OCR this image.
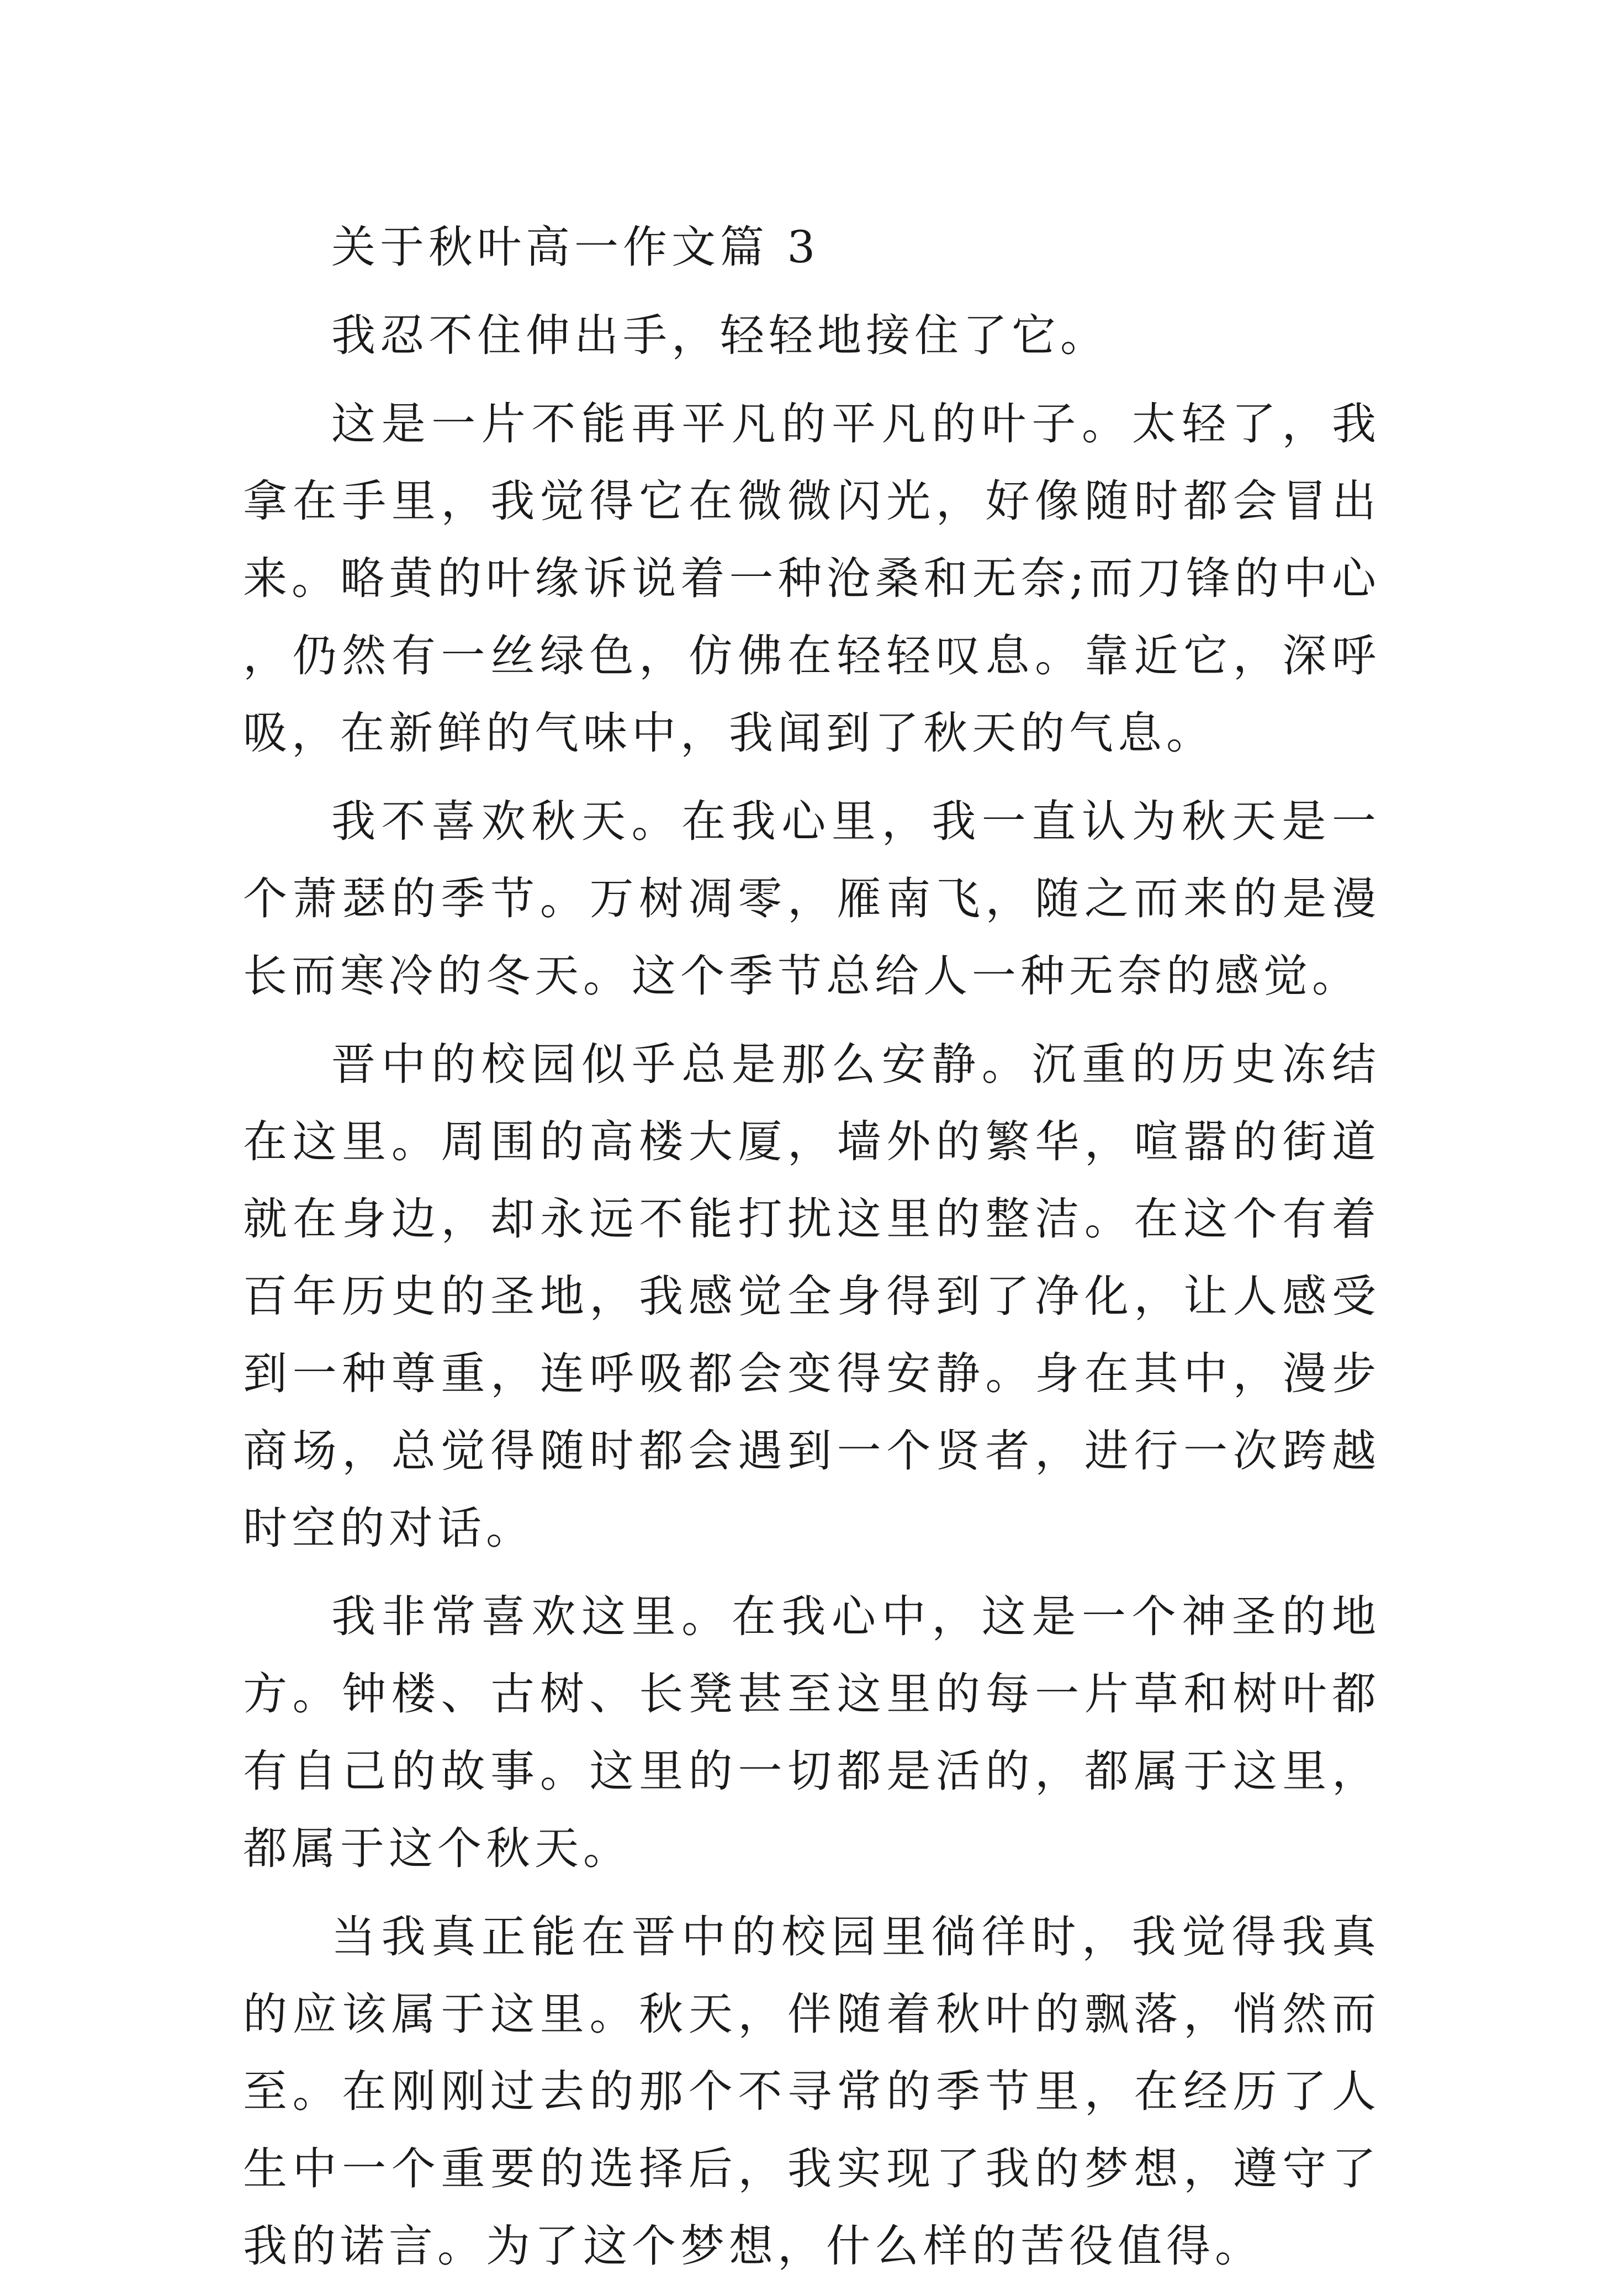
关于秋叶高一作文篇 3

我忍不住伸出手，轻轻地接住了它。

这是一片不能再平凡的平凡的叶子。太轻了，我拿在手里，我觉得它在微微闪光，好像随时都会冒出来。略黄的叶缘诉说着一种沧桑和无奈;而刀锋的中心，仍然有一丝绿色，仿佛在轻轻叹息。靠近它，深呼吸，在新鲜的气味中，我闻到了秋天的气息。

我不喜欢秋天。在我心里，我一直认为秋天是一个萧瑟的季节。万树凋零，雁南飞，随之而来的是漫长而寒冷的冬天。这个季节总给人一种无奈的感觉。

晋中的校园似乎总是那么安静。沉重的历史冻结在这里。周围的高楼大厦，墙外的繁华，喧嚣的街道就在身边，却永远不能打扰这里的整洁。在这个有着百年历史的圣地，我感觉全身得到了净化，让人感受到一种尊重，连呼吸都会变得安静。身在其中，漫步商场，总觉得随时都会遇到一个贤者，进行一次跨越时空的对话。

我非常喜欢这里。在我心中，这是一个神圣的地方。钟楼、古树、长凳甚至这里的每一片草和树叶都有自己的故事。这里的一切都是活的，都属于这里，都属于这个秋天。

当我真正能在晋中的校园里徜徉时，我觉得我真的应该属于这里。秋天，伴随着秋叶的飘落，悄然而至。在刚刚过去的那个不寻常的季节里，在经历了人生中一个重要的选择后，我实现了我的梦想，遵守了我的诺言。为了这个梦想，什么样的苦役值得。
